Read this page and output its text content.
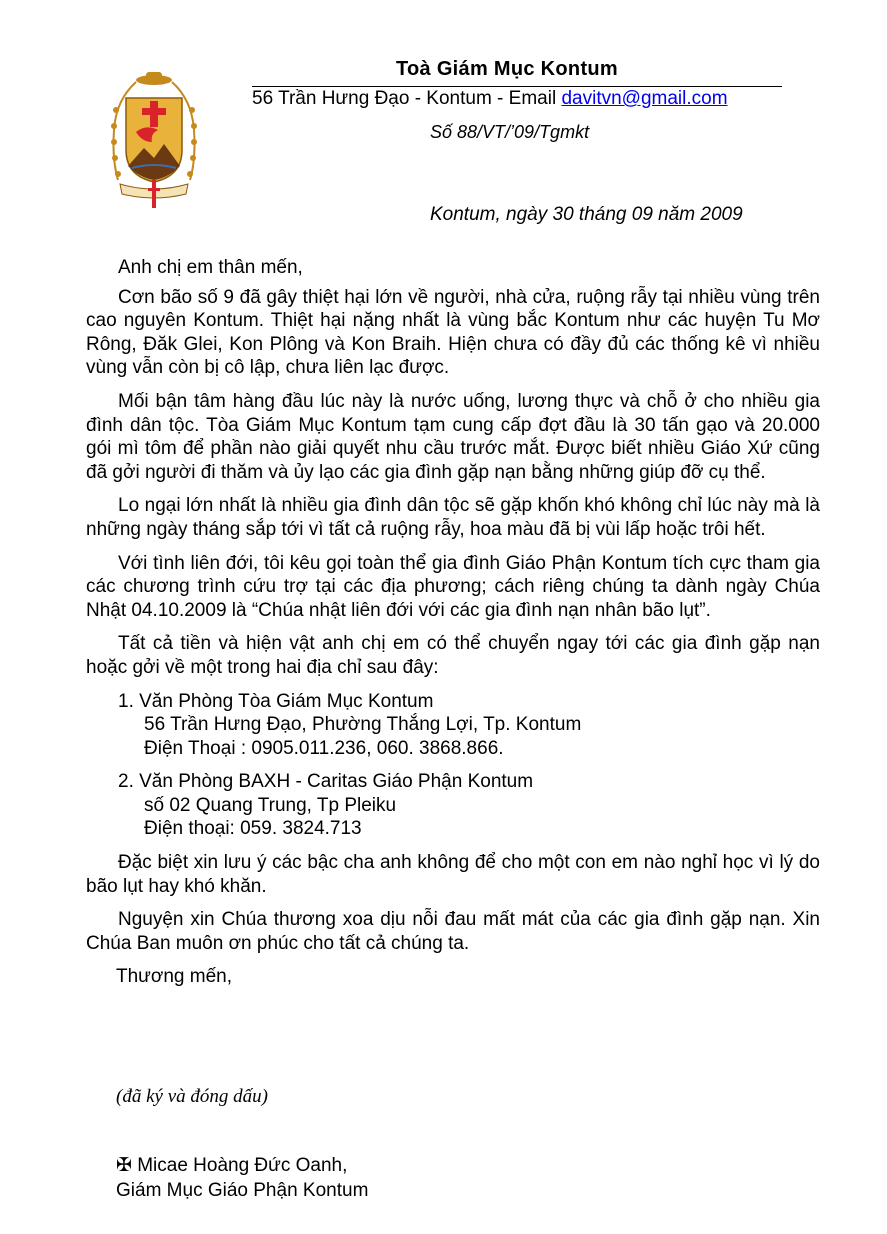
Toà Giám Mục Kontum
56 Trần Hưng Đạo - Kontum - Email davitvn@gmail.com
Số 88/VT/’09/Tgmkt
Kontum, ngày 30 tháng 09 năm 2009

Anh chị em thân mến,

Cơn bão số 9 đã gây thiệt hại lớn về người, nhà cửa, ruộng rẫy tại nhiều vùng trên cao nguyên Kontum. Thiệt hại nặng nhất là vùng bắc Kontum như các huyện Tu Mơ Rông, Đăk Glei, Kon Plông và Kon Braih. Hiện chưa có đầy đủ các thống kê vì nhiều vùng vẫn còn bị cô lập, chưa liên lạc được.

Mối bận tâm hàng đầu lúc này là nước uống, lương thực và chỗ ở cho nhiều gia đình dân tộc. Tòa Giám Mục Kontum tạm cung cấp đợt đầu là 30 tấn gạo và 20.000 gói mì tôm để phần nào giải quyết nhu cầu trước mắt. Được biết nhiều Giáo Xứ cũng đã gởi người đi thăm và ủy lạo các gia đình gặp nạn bằng những giúp đỡ cụ thể.

Lo ngại lớn nhất là nhiều gia đình dân tộc sẽ gặp khốn khó không chỉ lúc này mà là những ngày tháng sắp tới vì tất cả ruộng rẫy, hoa màu đã bị vùi lấp hoặc trôi hết.

Với tình liên đới, tôi kêu gọi toàn thể gia đình Giáo Phận Kontum tích cực tham gia các chương trình cứu trợ tại các địa phương; cách riêng chúng ta dành ngày Chúa Nhật 04.10.2009 là “Chúa nhật liên đới với các gia đình nạn nhân bão lụt”.

Tất cả tiền và hiện vật anh chị em có thể chuyển ngay tới các gia đình gặp nạn hoặc gởi về một trong hai địa chỉ sau đây:

1. Văn Phòng Tòa Giám Mục Kontum
56 Trần Hưng Đạo, Phường Thắng Lợi, Tp. Kontum
Điện Thoại : 0905.011.236, 060. 3868.866.
2. Văn Phòng BAXH - Caritas Giáo Phận Kontum
số 02 Quang Trung, Tp Pleiku
Điện thoại: 059. 3824.713

Đặc biệt xin lưu ý các bậc cha anh không để cho một con em nào nghỉ học vì lý do bão lụt hay khó khăn.

Nguyện xin Chúa thương xoa dịu nỗi đau mất mát của các gia đình gặp nạn. Xin Chúa Ban muôn ơn phúc cho tất cả chúng ta.

Thương mến,

(đã ký và đóng dấu)
✠ Micae Hoàng Đức Oanh,
Giám Mục Giáo Phận Kontum
